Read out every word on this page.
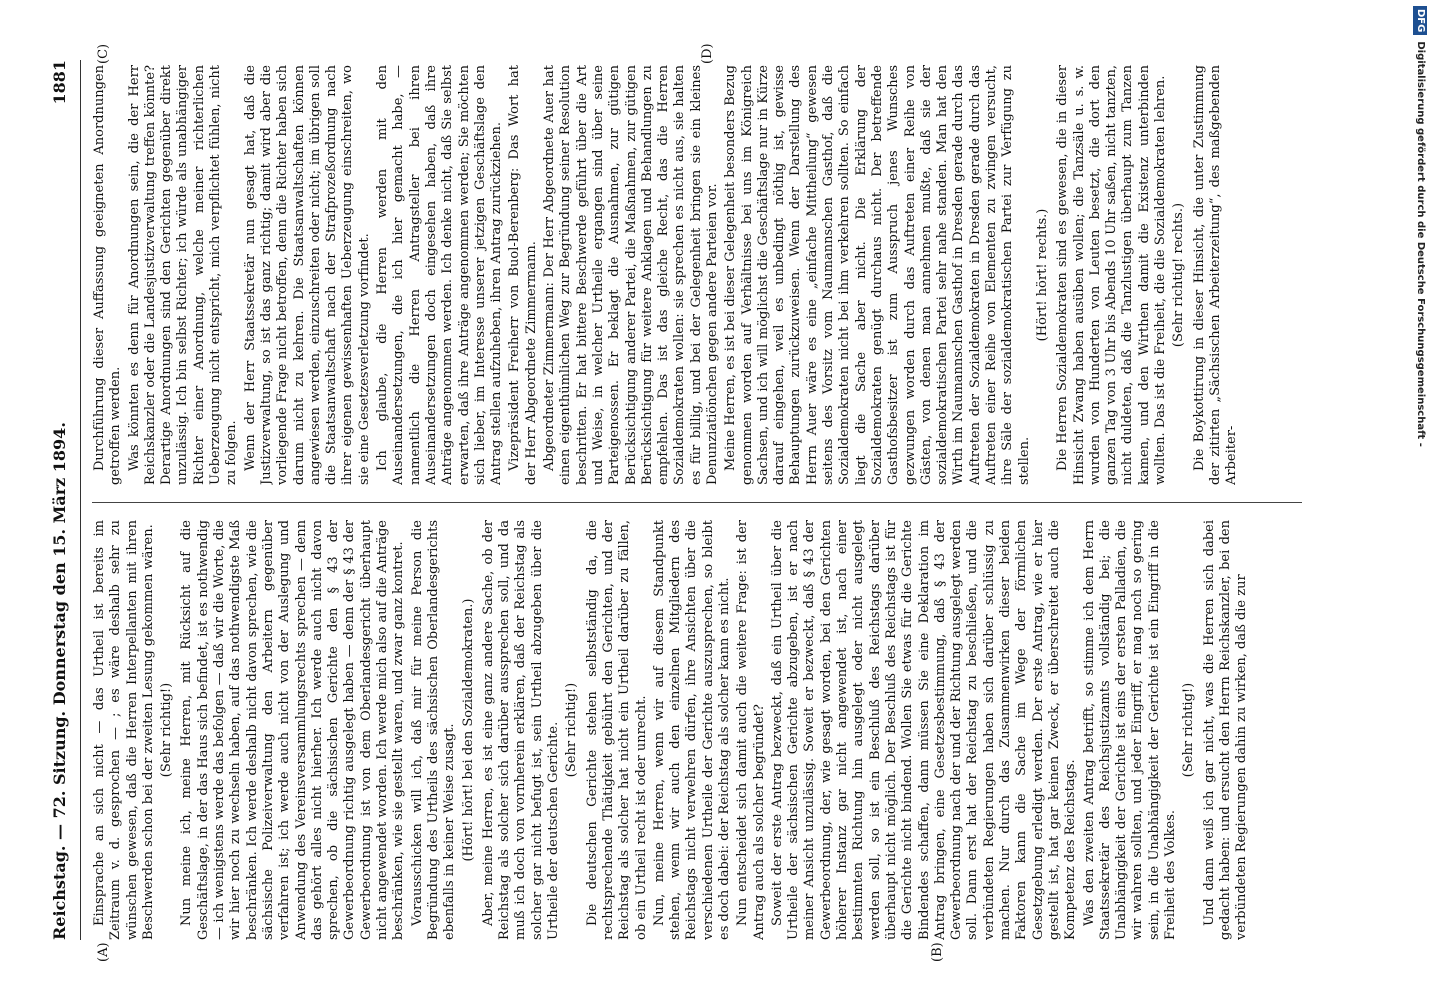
Reichstag. — 72. Sitzung. Donnerstag den 15. März 1894.
1881
(A)	(B)
(C)	(D)

Einsprache an sich nicht — das Urtheil ist bereits im Zeitraum v. d. gesprochen — ; es wäre deshalb sehr zu wünschen gewesen, daß die Herren Interpellanten mit ihren Beschwerden schon bei der zweiten Lesung gekommen wären. (Sehr richtig!) Nun meine ich, meine Herren, mit Rücksicht auf die Geschäftslage, in der das Haus sich befindet, ist es nothwendig — ich wenigstens werde das befolgen — daß wir die Worte, die wir hier noch zu wechseln haben, auf das nothwendigste Maß beschränken. Ich werde deshalb nicht davon sprechen, wie die sächsische Polizeiverwaltung den Arbeitern gegenüber verfahren ist; ich werde auch nicht von der Auslegung und Anwendung des Vereinsversammlungsrechts sprechen — denn das gehört alles nicht hierher. Ich werde auch nicht davon sprechen, ob die sächsischen Gerichte den § 43 der Gewerbeordnung richtig ausgelegt haben — denn der § 43 der Gewerbeordnung ist von dem Oberlandesgericht überhaupt nicht angewendet worden. Ich werde mich also auf die Anträge beschränken, wie sie gestellt waren, und zwar ganz kontret. Vorausschicken will ich, daß mir für meine Person die Begründung des Urtheils des sächsischen Oberlandesgerichts ebenfalls in keiner Weise zusagt. (Hört! hört! bei den Sozialdemokraten.) Aber, meine Herren, es ist eine ganz andere Sache, ob der Reichstag als solcher sich darüber aussprechen soll, und da muß ich doch von vornherein erklären, daß der Reichstag als solcher gar nicht befugt ist, sein Urtheil abzugeben über die Urtheile der deutschen Gerichte. (Sehr richtig!) Die deutschen Gerichte stehen selbstständig da, die rechtsprechende Thätigkeit gebührt den Gerichten, und der Reichstag als solcher hat nicht ein Urtheil darüber zu fällen, ob ein Urtheil recht ist oder unrecht. Nun, meine Herren, wenn wir auf diesem Standpunkt stehen, wenn wir auch den einzelnen Mitgliedern des Reichstags nicht verwehren dürfen, ihre Ansichten über die verschiedenen Urtheile der Gerichte auszusprechen, so bleibt es doch dabei: der Reichstag als solcher kann es nicht. Nun entscheidet sich damit auch die weitere Frage: ist der Antrag auch als solcher begründet? Soweit der erste Antrag bezweckt, daß ein Urtheil über die Urtheile der sächsischen Gerichte abzugeben, ist er nach meiner Ansicht unzulässig. Soweit er bezweckt, daß § 43 der Gewerbeordnung, der, wie gesagt worden, bei den Gerichten höherer Instanz gar nicht angewendet ist, nach einer bestimmten Richtung hin ausgelegt oder nicht ausgelegt werden soll, so ist ein Beschluß des Reichstags darüber überhaupt nicht möglich. Der Beschluß des Reichstags ist für die Gerichte nicht bindend. Wollen Sie etwas für die Gerichte Bindendes schaffen, dann müssen Sie eine Deklaration im Antrag bringen, eine Gesetzesbestimmung, daß § 43 der Gewerbeordnung nach der und der Richtung ausgelegt werden soll. Dann erst hat der Reichstag zu beschließen, und die verbündeten Regierungen haben sich darüber schlüssig zu machen. Nur durch das Zusammenwirken dieser beiden Faktoren kann die Sache im Wege der förmlichen Gesetzgebung erledigt werden. Der erste Antrag, wie er hier gestellt ist, hat gar keinen Zweck, er überschreitet auch die Kompetenz des Reichstags. Was den zweiten Antrag betrifft, so stimme ich dem Herrn Staatssekretär des Reichsjustizamts vollständig bei; die Unabhängigkeit der Gerichte ist eins der ersten Palladien, die wir wahren sollten, und jeder Eingriff, er mag noch so gering sein, in die Unabhängigkeit der Gerichte ist ein Eingriff in die Freiheit des Volkes.

(Sehr richtig!) Und dann weiß ich gar nicht, was die Herren sich dabei gedacht haben: und ersucht den Herrn Reichskanzler, bei den verbündeten Regierungen dahin zu wirken, daß die zur

Durchführung dieser Auffassung geeigneten Anordnungen getroffen werden. Was könnten es denn für Anordnungen sein, die der Herr Reichskanzler oder die Landesjustizverwaltung treffen könnte? Derartige Anordnungen sind den Gerichten gegenüber direkt unzulässig. Ich bin selbst Richter; ich würde als unabhängiger Richter einer Anordnung, welche meiner richterlichen Ueberzeugung nicht entspricht, mich verpflichtet fühlen, nicht zu folgen. Wenn der Herr Staatssekretär nun gesagt hat, daß die Justizverwaltung, so ist das ganz richtig; damit wird aber die vorliegende Frage nicht betroffen, denn die Richter haben sich darum nicht zu kehren. Die Staatsanwaltschaften können angewiesen werden, einzuschreiten oder nicht; im übrigen soll die Staatsanwaltschaft nach der Strafprozeßordnung nach ihrer eigenen gewissenhaften Ueberzeugung einschreiten, wo sie eine Gesetzesverletzung vorfindet. Ich glaube, die Herren werden mit den Auseinandersetzungen, die ich hier gemacht habe, — namentlich die Herren Antragsteller bei ihren Auseinandersetzungen doch eingesehen haben, daß ihre Anträge angenommen werden. Ich denke nicht, daß Sie selbst erwarten, daß ihre Anträge angenommen werden; Sie möchten sich lieber, im Interesse unserer jetzigen Geschäftslage den Antrag stellen aufzuheben, ihren Antrag zurückziehen. Vizepräsident Freiherr von Buol-Berenberg: Das Wort hat der Herr Abgeordnete Zimmermann. Abgeordneter Zimmermann: Der Herr Abgeordnete Auer hat einen eigenthümlichen Weg zur Begründung seiner Resolution beschritten. Er hat bittere Beschwerde geführt über die Art und Weise, in welcher Urtheile ergangen sind über seine Parteigenossen. Er beklagt die Ausnahmen, zur gütigen Berücksichtigung anderer Partei, die Maßnahmen, zur gütigen Berücksichtigung für weitere Anklagen und Behandlungen zu empfehlen. Das ist das gleiche Recht, das die Herren Sozialdemokraten wollen: sie sprechen es nicht aus, sie halten es für billig, und bei der Gelegenheit bringen sie ein kleines Denunziatiönchen gegen andere Parteien vor. Meine Herren, es ist bei dieser Gelegenheit besonders Bezug genommen worden auf Verhältnisse bei uns im Königreich Sachsen, und ich will möglichst die Geschäftslage nur in Kürze darauf eingehen, weil es unbedingt nöthig ist, gewisse Behauptungen zurückzuweisen. Wenn der Darstellung des Herrn Auer wäre es eine „einfache Mittheilung“ gewesen seitens des Vorsitz vom Naumannschen Gasthof, daß die Sozialdemokraten nicht bei ihm verkehren sollten. So einfach liegt die Sache aber nicht. Die Erklärung der Sozialdemokraten genügt durchaus nicht. Der betreffende Gasthofsbesitzer ist zum Ausspruch jenes Wunsches gezwungen worden durch das Auftreten einer Reihe von Gästen, von denen man annehmen mußte, daß sie der sozialdemokratischen Partei sehr nahe standen. Man hat den Wirth im Naumannschen Gasthof in Dresden gerade durch das Auftreten der Sozialdemokraten in Dresden gerade durch das Auftreten einer Reihe von Elementen zu zwingen versucht, ihre Säle der sozialdemokratischen Partei zur Verfügung zu stellen.

(Hört! hört! rechts.) Die Herren Sozialdemokraten sind es gewesen, die in dieser Hinsicht Zwang haben ausüben wollen; die Tanzsäle u. s. w. wurden von Hunderten von Leuten besetzt, die dort den ganzen Tag von 3 Uhr bis Abends 10 Uhr saßen, nicht tanzten, nicht duldeten, daß die Tanzlustigen überhaupt zum Tanzen kamen, und den Wirthen damit die Existenz unterbinden wollten. Das ist die Freiheit, die die Sozialdemokraten lehren. (Sehr richtig! rechts.) Die Boykottirung in dieser Hinsicht, die unter Zustimmung der zitirten „Sächsischen Arbeiterzeitung“, des maßgebenden Arbeiter-

DFGDigitalisierung gefördert durch die Deutsche Forschungsgemeinschaft -
